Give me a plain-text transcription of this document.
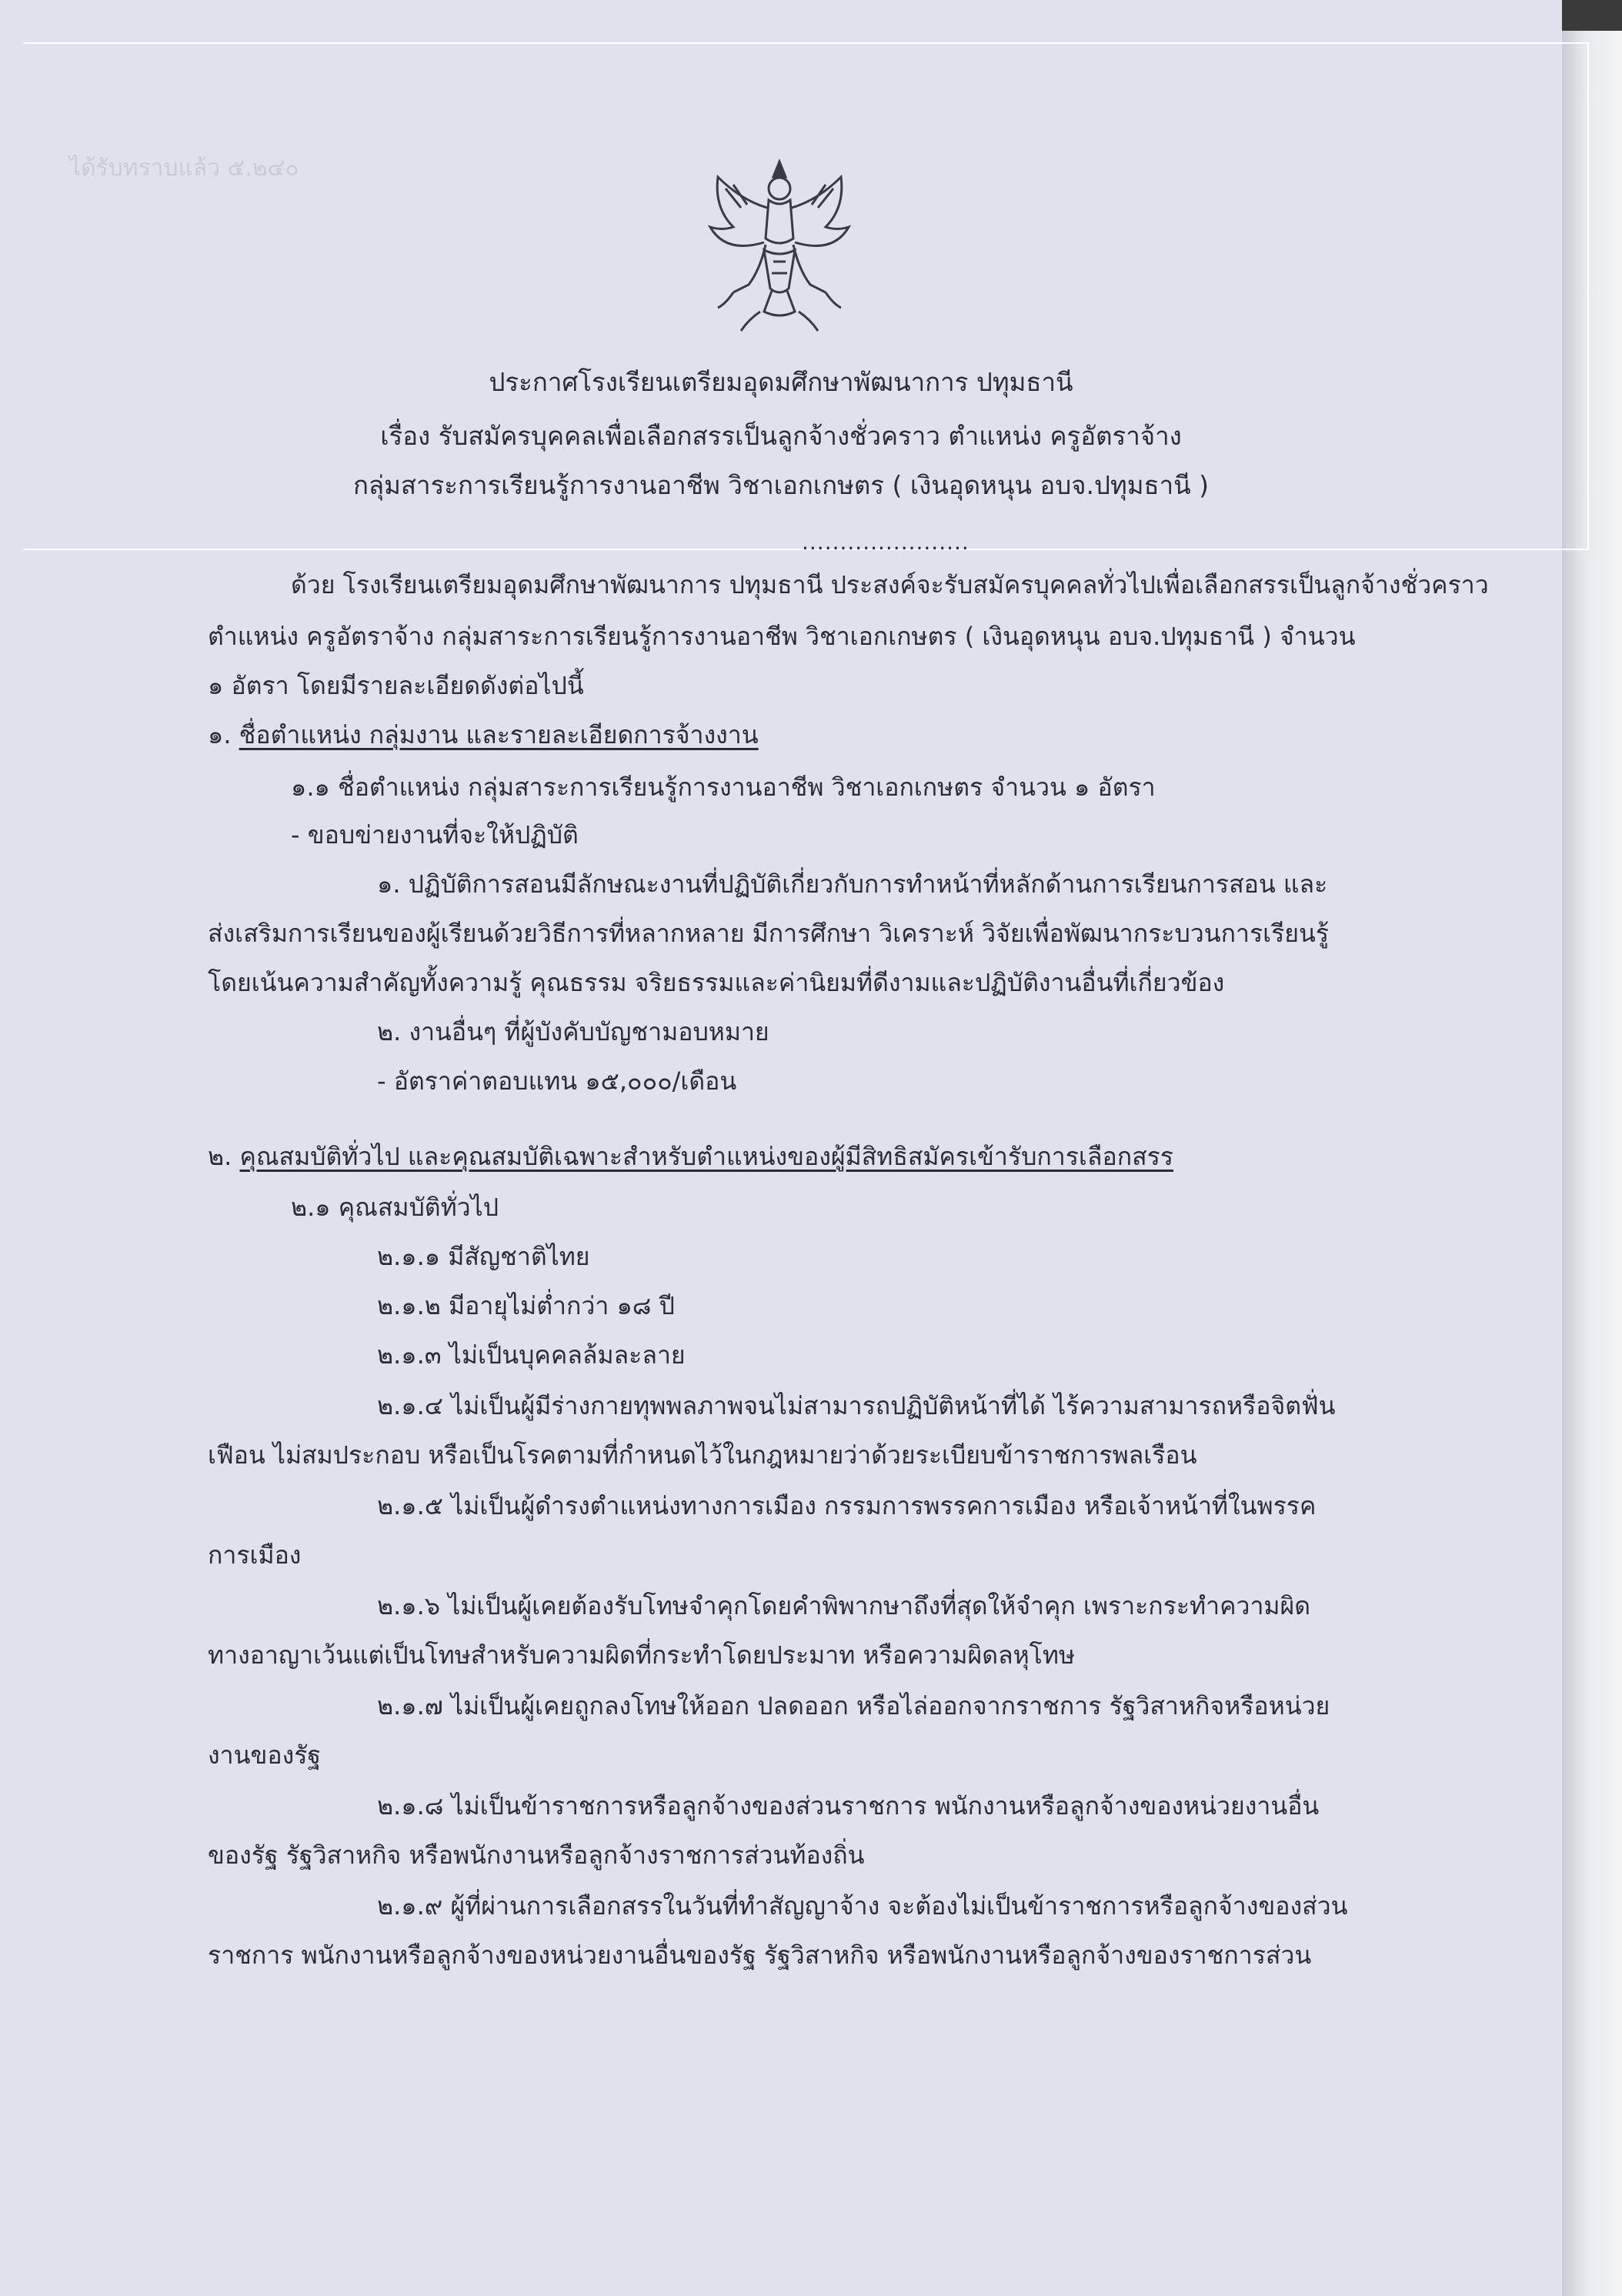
ได้รับทราบแล้ว ๕.๒๔๐
ประกาศโรงเรียนเตรียมอุดมศึกษาพัฒนาการ ปทุมธานี
เรื่อง รับสมัครบุคคลเพื่อเลือกสรรเป็นลูกจ้างชั่วคราว ตำแหน่ง ครูอัตราจ้าง
กลุ่มสาระการเรียนรู้การงานอาชีพ วิชาเอกเกษตร ( เงินอุดหนุน อบจ.ปทุมธานี )
......................
ด้วย โรงเรียนเตรียมอุดมศึกษาพัฒนาการ ปทุมธานี ประสงค์จะรับสมัครบุคคลทั่วไปเพื่อเลือกสรรเป็นลูกจ้างชั่วคราว
ตำแหน่ง ครูอัตราจ้าง กลุ่มสาระการเรียนรู้การงานอาชีพ วิชาเอกเกษตร ( เงินอุดหนุน อบจ.ปทุมธานี ) จำนวน
๑ อัตรา โดยมีรายละเอียดดังต่อไปนี้
๑. ชื่อตำแหน่ง กลุ่มงาน และรายละเอียดการจ้างงาน
๑.๑ ชื่อตำแหน่ง กลุ่มสาระการเรียนรู้การงานอาชีพ วิชาเอกเกษตร จำนวน ๑ อัตรา
- ขอบข่ายงานที่จะให้ปฏิบัติ
๑. ปฏิบัติการสอนมีลักษณะงานที่ปฏิบัติเกี่ยวกับการทำหน้าที่หลักด้านการเรียนการสอน และ
ส่งเสริมการเรียนของผู้เรียนด้วยวิธีการที่หลากหลาย มีการศึกษา วิเคราะห์ วิจัยเพื่อพัฒนากระบวนการเรียนรู้
โดยเน้นความสำคัญทั้งความรู้ คุณธรรม จริยธรรมและค่านิยมที่ดีงามและปฏิบัติงานอื่นที่เกี่ยวข้อง
๒. งานอื่นๆ ที่ผู้บังคับบัญชามอบหมาย
- อัตราค่าตอบแทน ๑๕,๐๐๐/เดือน
๒. คุณสมบัติทั่วไป และคุณสมบัติเฉพาะสำหรับตำแหน่งของผู้มีสิทธิสมัครเข้ารับการเลือกสรร
๒.๑ คุณสมบัติทั่วไป
๒.๑.๑ มีสัญชาติไทย
๒.๑.๒ มีอายุไม่ต่ำกว่า ๑๘ ปี
๒.๑.๓ ไม่เป็นบุคคลล้มละลาย
๒.๑.๔ ไม่เป็นผู้มีร่างกายทุพพลภาพจนไม่สามารถปฏิบัติหน้าที่ได้ ไร้ความสามารถหรือจิตฟั่น
เฟือน ไม่สมประกอบ หรือเป็นโรคตามที่กำหนดไว้ในกฎหมายว่าด้วยระเบียบข้าราชการพลเรือน
๒.๑.๕ ไม่เป็นผู้ดำรงตำแหน่งทางการเมือง กรรมการพรรคการเมือง หรือเจ้าหน้าที่ในพรรค
การเมือง
๒.๑.๖ ไม่เป็นผู้เคยต้องรับโทษจำคุกโดยคำพิพากษาถึงที่สุดให้จำคุก เพราะกระทำความผิด
ทางอาญาเว้นแต่เป็นโทษสำหรับความผิดที่กระทำโดยประมาท หรือความผิดลหุโทษ
๒.๑.๗ ไม่เป็นผู้เคยถูกลงโทษให้ออก ปลดออก หรือไล่ออกจากราชการ รัฐวิสาหกิจหรือหน่วย
งานของรัฐ
๒.๑.๘ ไม่เป็นข้าราชการหรือลูกจ้างของส่วนราชการ พนักงานหรือลูกจ้างของหน่วยงานอื่น
ของรัฐ รัฐวิสาหกิจ หรือพนักงานหรือลูกจ้างราชการส่วนท้องถิ่น
๒.๑.๙ ผู้ที่ผ่านการเลือกสรรในวันที่ทำสัญญาจ้าง จะต้องไม่เป็นข้าราชการหรือลูกจ้างของส่วน
ราชการ พนักงานหรือลูกจ้างของหน่วยงานอื่นของรัฐ รัฐวิสาหกิจ หรือพนักงานหรือลูกจ้างของราชการส่วน
